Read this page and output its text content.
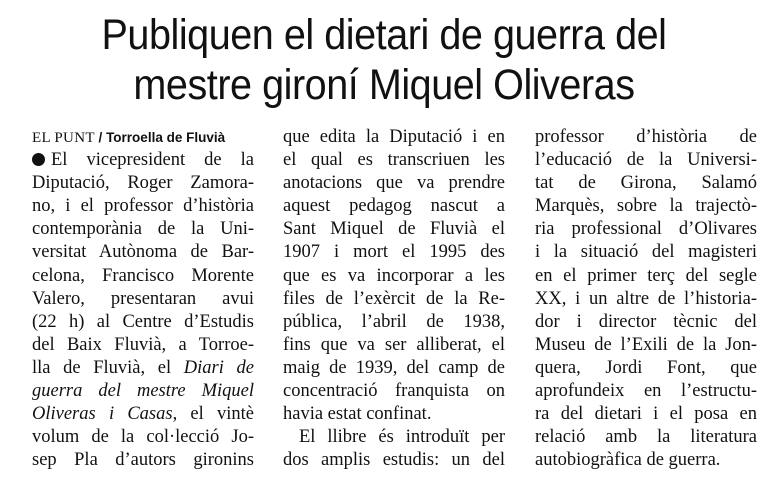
Publiquen el dietari de guerra del
mestre gironí Miquel Oliveras
EL PUNT / Torroella de Fluvià
El vicepresident de la
Diputació, Roger Zamora-
no, i el professor d’història
contemporània de la Uni-
versitat Autònoma de Bar-
celona, Francisco Morente
Valero, presentaran avui
(22 h) al Centre d’Estudis
del Baix Fluvià, a Torroe-
lla de Fluvià, el Diari de
guerra del mestre Miquel
Oliveras i Casas, el vintè
volum de la col·lecció Jo-
sep Pla d’autors gironins
que edita la Diputació i en
el qual es transcriuen les
anotacions que va prendre
aquest pedagog nascut a
Sant Miquel de Fluvià el
1907 i mort el 1995 des
que es va incorporar a les
files de l’exèrcit de la Re-
pública, l’abril de 1938,
fins que va ser alliberat, el
maig de 1939, del camp de
concentració franquista on
havia estat confinat.
El llibre és introduït per
dos amplis estudis: un del
professor d’història de
l’educació de la Universi-
tat de Girona, Salamó
Marquès, sobre la trajectò-
ria professional d’Olivares
i la situació del magisteri
en el primer terç del segle
XX, i un altre de l’historia-
dor i director tècnic del
Museu de l’Exili de la Jon-
quera, Jordi Font, que
aprofundeix en l’estructu-
ra del dietari i el posa en
relació amb la literatura
autobiogràfica de guerra.
